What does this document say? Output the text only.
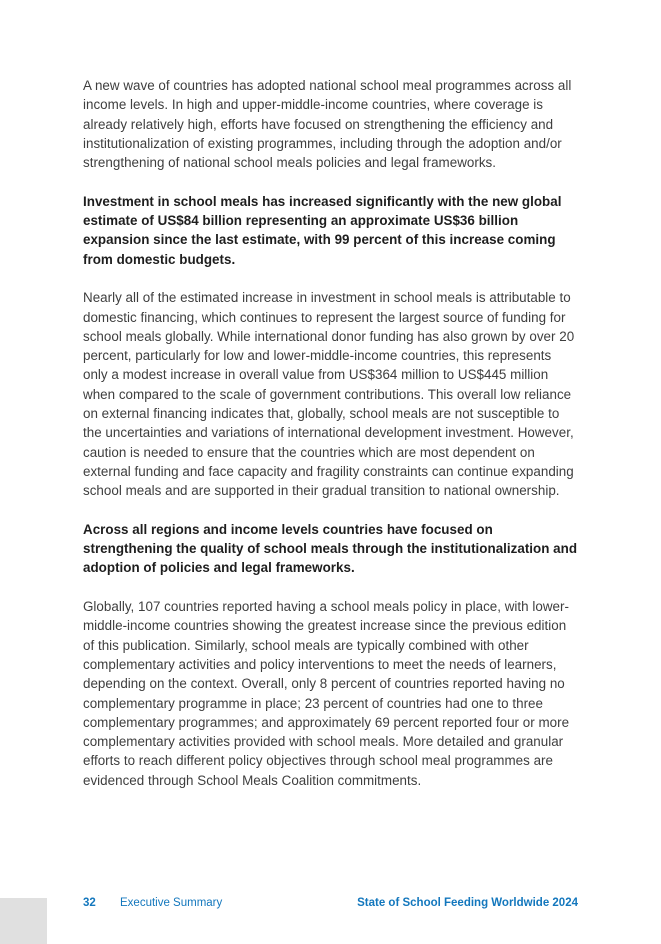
A new wave of countries has adopted national school meal programmes across all income levels. In high and upper-middle-income countries, where coverage is already relatively high, efforts have focused on strengthening the efficiency and institutionalization of existing programmes, including through the adoption and/or strengthening of national school meals policies and legal frameworks.

Investment in school meals has increased significantly with the new global estimate of US$84 billion representing an approximate US$36 billion expansion since the last estimate, with 99 percent of this increase coming from domestic budgets.

Nearly all of the estimated increase in investment in school meals is attributable to domestic financing, which continues to represent the largest source of funding for school meals globally. While international donor funding has also grown by over 20 percent, particularly for low and lower-middle-income countries, this represents only a modest increase in overall value from US$364 million to US$445 million when compared to the scale of government contributions. This overall low reliance on external financing indicates that, globally, school meals are not susceptible to the uncertainties and variations of international development investment. However, caution is needed to ensure that the countries which are most dependent on external funding and face capacity and fragility constraints can continue expanding school meals and are supported in their gradual transition to national ownership.

Across all regions and income levels countries have focused on strengthening the quality of school meals through the institutionalization and adoption of policies and legal frameworks.

Globally, 107 countries reported having a school meals policy in place, with lower-middle-income countries showing the greatest increase since the previous edition of this publication. Similarly, school meals are typically combined with other complementary activities and policy interventions to meet the needs of learners, depending on the context. Overall, only 8 percent of countries reported having no complementary programme in place; 23 percent of countries had one to three complementary programmes; and approximately 69 percent reported four or more complementary activities provided with school meals. More detailed and granular efforts to reach different policy objectives through school meal programmes are evidenced through School Meals Coalition commitments.

32 Executive Summary	State of School Feeding Worldwide 2024
